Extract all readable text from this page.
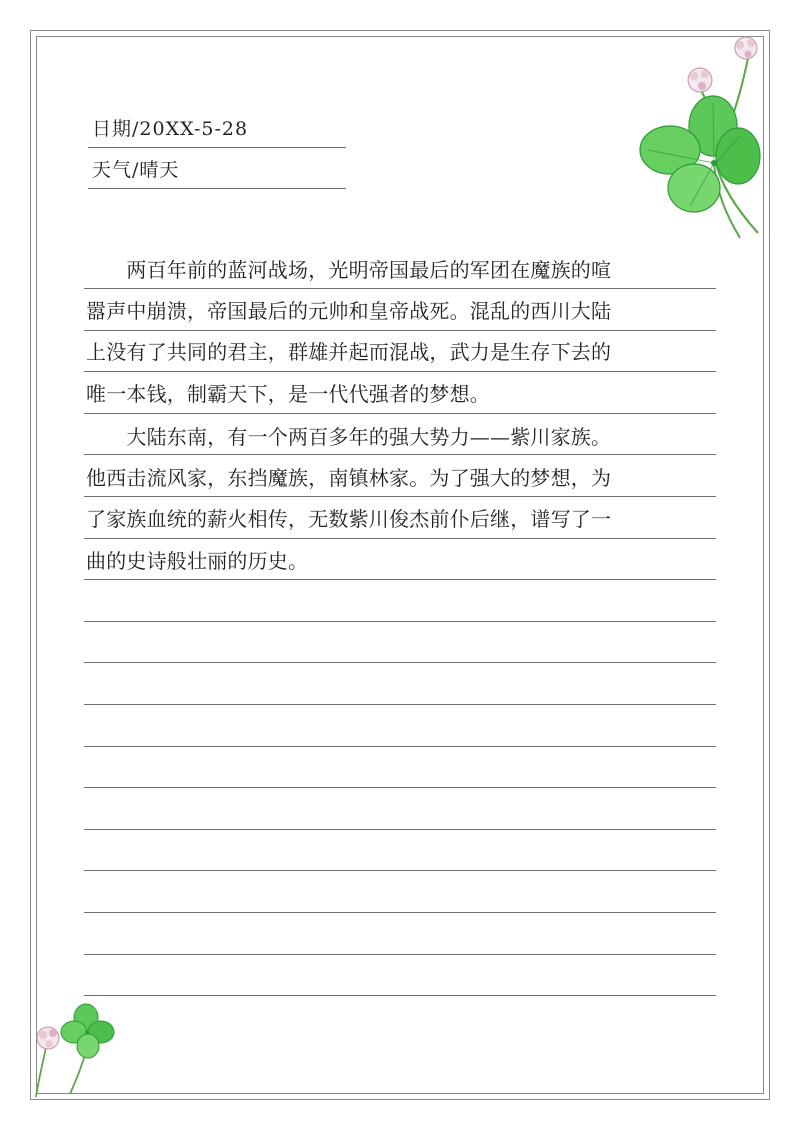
日期/20XX-5-28
天气/晴天
　　两百年前的蓝河战场，光明帝国最后的军团在魔族的喧
嚣声中崩溃，帝国最后的元帅和皇帝战死。混乱的西川大陆
上没有了共同的君主，群雄并起而混战，武力是生存下去的
唯一本钱，制霸天下，是一代代强者的梦想。
　　大陆东南，有一个两百多年的强大势力——紫川家族。
他西击流风家，东挡魔族，南镇林家。为了强大的梦想，为
了家族血统的薪火相传，无数紫川俊杰前仆后继，谱写了一
曲的史诗般壮丽的历史。
